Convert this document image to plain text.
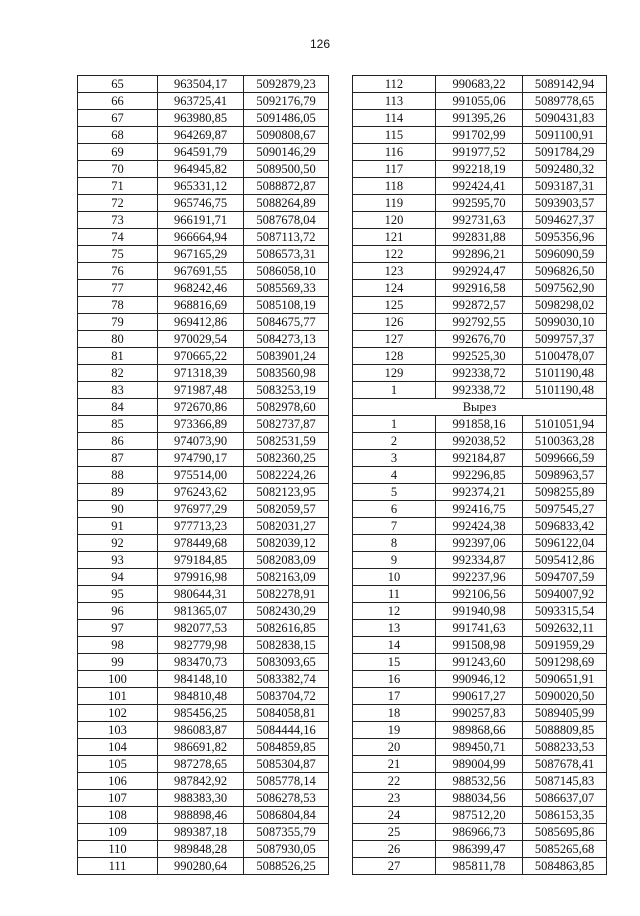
126
65	963504,17	5092879,23
66	963725,41	5092176,79
67	963980,85	5091486,05
68	964269,87	5090808,67
69	964591,79	5090146,29
70	964945,82	5089500,50
71	965331,12	5088872,87
72	965746,75	5088264,89
73	966191,71	5087678,04
74	966664,94	5087113,72
75	967165,29	5086573,31
76	967691,55	5086058,10
77	968242,46	5085569,33
78	968816,69	5085108,19
79	969412,86	5084675,77
80	970029,54	5084273,13
81	970665,22	5083901,24
82	971318,39	5083560,98
83	971987,48	5083253,19
84	972670,86	5082978,60
85	973366,89	5082737,87
86	974073,90	5082531,59
87	974790,17	5082360,25
88	975514,00	5082224,26
89	976243,62	5082123,95
90	976977,29	5082059,57
91	977713,23	5082031,27
92	978449,68	5082039,12
93	979184,85	5082083,09
94	979916,98	5082163,09
95	980644,31	5082278,91
96	981365,07	5082430,29
97	982077,53	5082616,85
98	982779,98	5082838,15
99	983470,73	5083093,65
100	984148,10	5083382,74
101	984810,48	5083704,72
102	985456,25	5084058,81
103	986083,87	5084444,16
104	986691,82	5084859,85
105	987278,65	5085304,87
106	987842,92	5085778,14
107	988383,30	5086278,53
108	988898,46	5086804,84
109	989387,18	5087355,79
110	989848,28	5087930,05
111	990280,64	5088526,25
112	990683,22	5089142,94
113	991055,06	5089778,65
114	991395,26	5090431,83
115	991702,99	5091100,91
116	991977,52	5091784,29
117	992218,19	5092480,32
118	992424,41	5093187,31
119	992595,70	5093903,57
120	992731,63	5094627,37
121	992831,88	5095356,96
122	992896,21	5096090,59
123	992924,47	5096826,50
124	992916,58	5097562,90
125	992872,57	5098298,02
126	992792,55	5099030,10
127	992676,70	5099757,37
128	992525,30	5100478,07
129	992338,72	5101190,48
1	992338,72	5101190,48
Вырез		
1	991858,16	5101051,94
2	992038,52	5100363,28
3	992184,87	5099666,59
4	992296,85	5098963,57
5	992374,21	5098255,89
6	992416,75	5097545,27
7	992424,38	5096833,42
8	992397,06	5096122,04
9	992334,87	5095412,86
10	992237,96	5094707,59
11	992106,56	5094007,92
12	991940,98	5093315,54
13	991741,63	5092632,11
14	991508,98	5091959,29
15	991243,60	5091298,69
16	990946,12	5090651,91
17	990617,27	5090020,50
18	990257,83	5089405,99
19	989868,66	5088809,85
20	989450,71	5088233,53
21	989004,99	5087678,41
22	988532,56	5087145,83
23	988034,56	5086637,07
24	987512,20	5086153,35
25	986966,73	5085695,86
26	986399,47	5085265,68
27	985811,78	5084863,85
